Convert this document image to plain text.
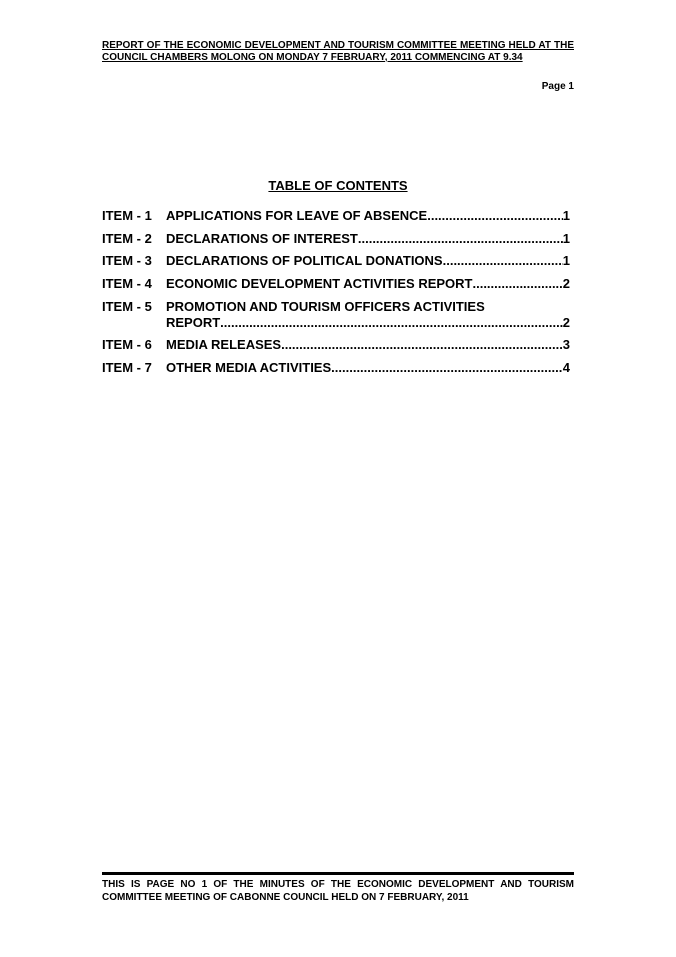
REPORT OF THE ECONOMIC DEVELOPMENT AND TOURISM COMMITTEE MEETING HELD AT THE COUNCIL CHAMBERS MOLONG ON MONDAY 7 FEBRUARY, 2011 COMMENCING AT 9.34
Page 1
TABLE OF CONTENTS
ITEM - 1	APPLICATIONS FOR LEAVE OF ABSENCE .....	1
ITEM - 2	DECLARATIONS OF INTEREST .....	1
ITEM - 3	DECLARATIONS OF POLITICAL DONATIONS .....	1
ITEM - 4	ECONOMIC DEVELOPMENT ACTIVITIES REPORT .....	2
ITEM - 5	PROMOTION AND TOURISM OFFICERS ACTIVITIES
REPORT .....	2
ITEM - 6	MEDIA RELEASES .....	3
ITEM - 7	OTHER MEDIA ACTIVITIES .....	4
THIS IS PAGE NO 1 OF THE MINUTES OF THE ECONOMIC DEVELOPMENT AND TOURISM COMMITTEE MEETING OF CABONNE COUNCIL HELD ON 7 FEBRUARY, 2011
